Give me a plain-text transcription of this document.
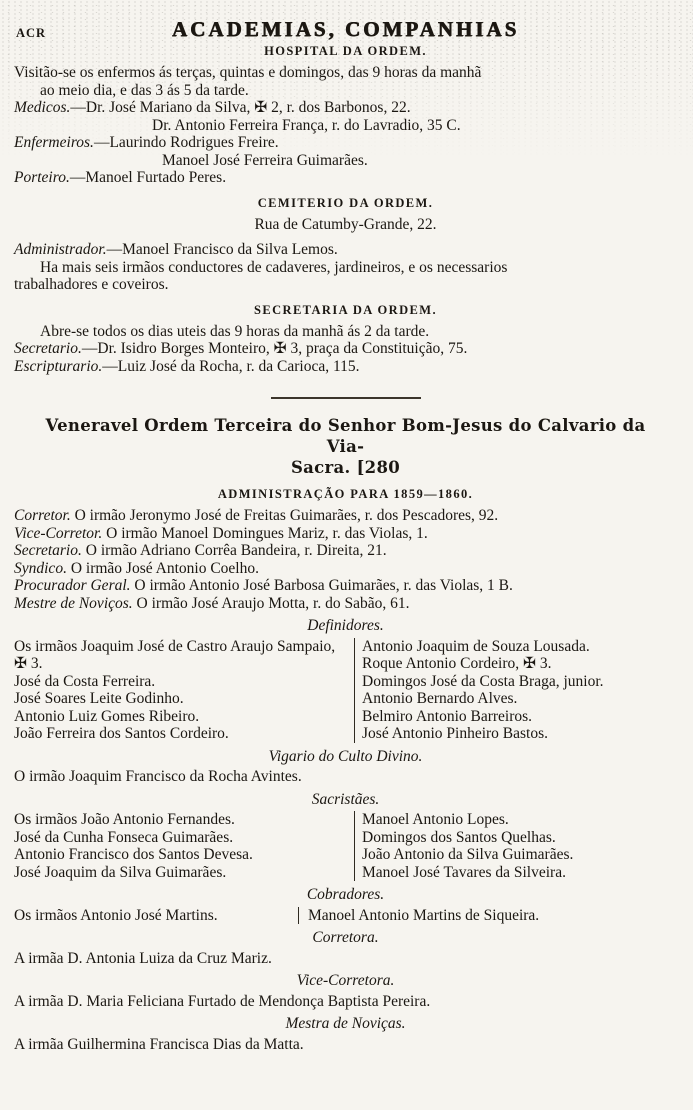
ACR	ACADEMIAS, COMPANHIAS
HOSPITAL DA ORDEM.
Visitão-se os enfermos ás terças, quintas e domingos, das 9 horas da manhã
ao meio dia, e das 3 ás 5 da tarde.
Medicos.—Dr. José Mariano da Silva, ✠ 2, r. dos Barbonos, 22.
Dr. Antonio Ferreira França, r. do Lavradio, 35 C.
Enfermeiros.—Laurindo Rodrigues Freire.
Manoel José Ferreira Guimarães.
Porteiro.—Manoel Furtado Peres.
CEMITERIO DA ORDEM.
Rua de Catumby-Grande, 22.
Administrador.—Manoel Francisco da Silva Lemos.
Ha mais seis irmãos conductores de cadaveres, jardineiros, e os necessarios
trabalhadores e coveiros.
SECRETARIA DA ORDEM.
Abre-se todos os dias uteis das 9 horas da manhã ás 2 da tarde.
Secretario.—Dr. Isidro Borges Monteiro, ✠ 3, praça da Constituição, 75.
Escripturario.—Luiz José da Rocha, r. da Carioca, 115.
Veneravel Ordem Terceira do Senhor Bom-Jesus do Calvario da Via-
Sacra. [280
ADMINISTRAÇÃO PARA 1859—1860.
Corretor. O irmão Jeronymo José de Freitas Guimarães, r. dos Pescadores, 92.
Vice-Corretor. O irmão Manoel Domingues Mariz, r. das Violas, 1.
Secretario. O irmão Adriano Corrêa Bandeira, r. Direita, 21.
Syndico. O irmão José Antonio Coelho.
Procurador Geral. O irmão Antonio José Barbosa Guimarães, r. das Violas, 1 B.
Mestre de Noviços. O irmão José Araujo Motta, r. do Sabão, 61.
Definidores.
Os irmãos Joaquim José de Castro Araujo Sampaio, ✠ 3.
José da Costa Ferreira.
José Soares Leite Godinho.
Antonio Luiz Gomes Ribeiro.
João Ferreira dos Santos Cordeiro.
Antonio Joaquim de Souza Lousada.
Roque Antonio Cordeiro, ✠ 3.
Domingos José da Costa Braga, junior.
Antonio Bernardo Alves.
Belmiro Antonio Barreiros.
José Antonio Pinheiro Bastos.
Vigario do Culto Divino.
O irmão Joaquim Francisco da Rocha Avintes.
Sacristães.
Os irmãos João Antonio Fernandes.
José da Cunha Fonseca Guimarães.
Antonio Francisco dos Santos Devesa.
José Joaquim da Silva Guimarães.
Manoel Antonio Lopes.
Domingos dos Santos Quelhas.
João Antonio da Silva Guimarães.
Manoel José Tavares da Silveira.
Cobradores.
Os irmãos Antonio José Martins.	Manoel Antonio Martins de Siqueira.
Corretora.
A irmãa D. Antonia Luiza da Cruz Mariz.
Vice-Corretora.
A irmãa D. Maria Feliciana Furtado de Mendonça Baptista Pereira.
Mestra de Noviças.
A irmãa Guilhermina Francisca Dias da Matta.
